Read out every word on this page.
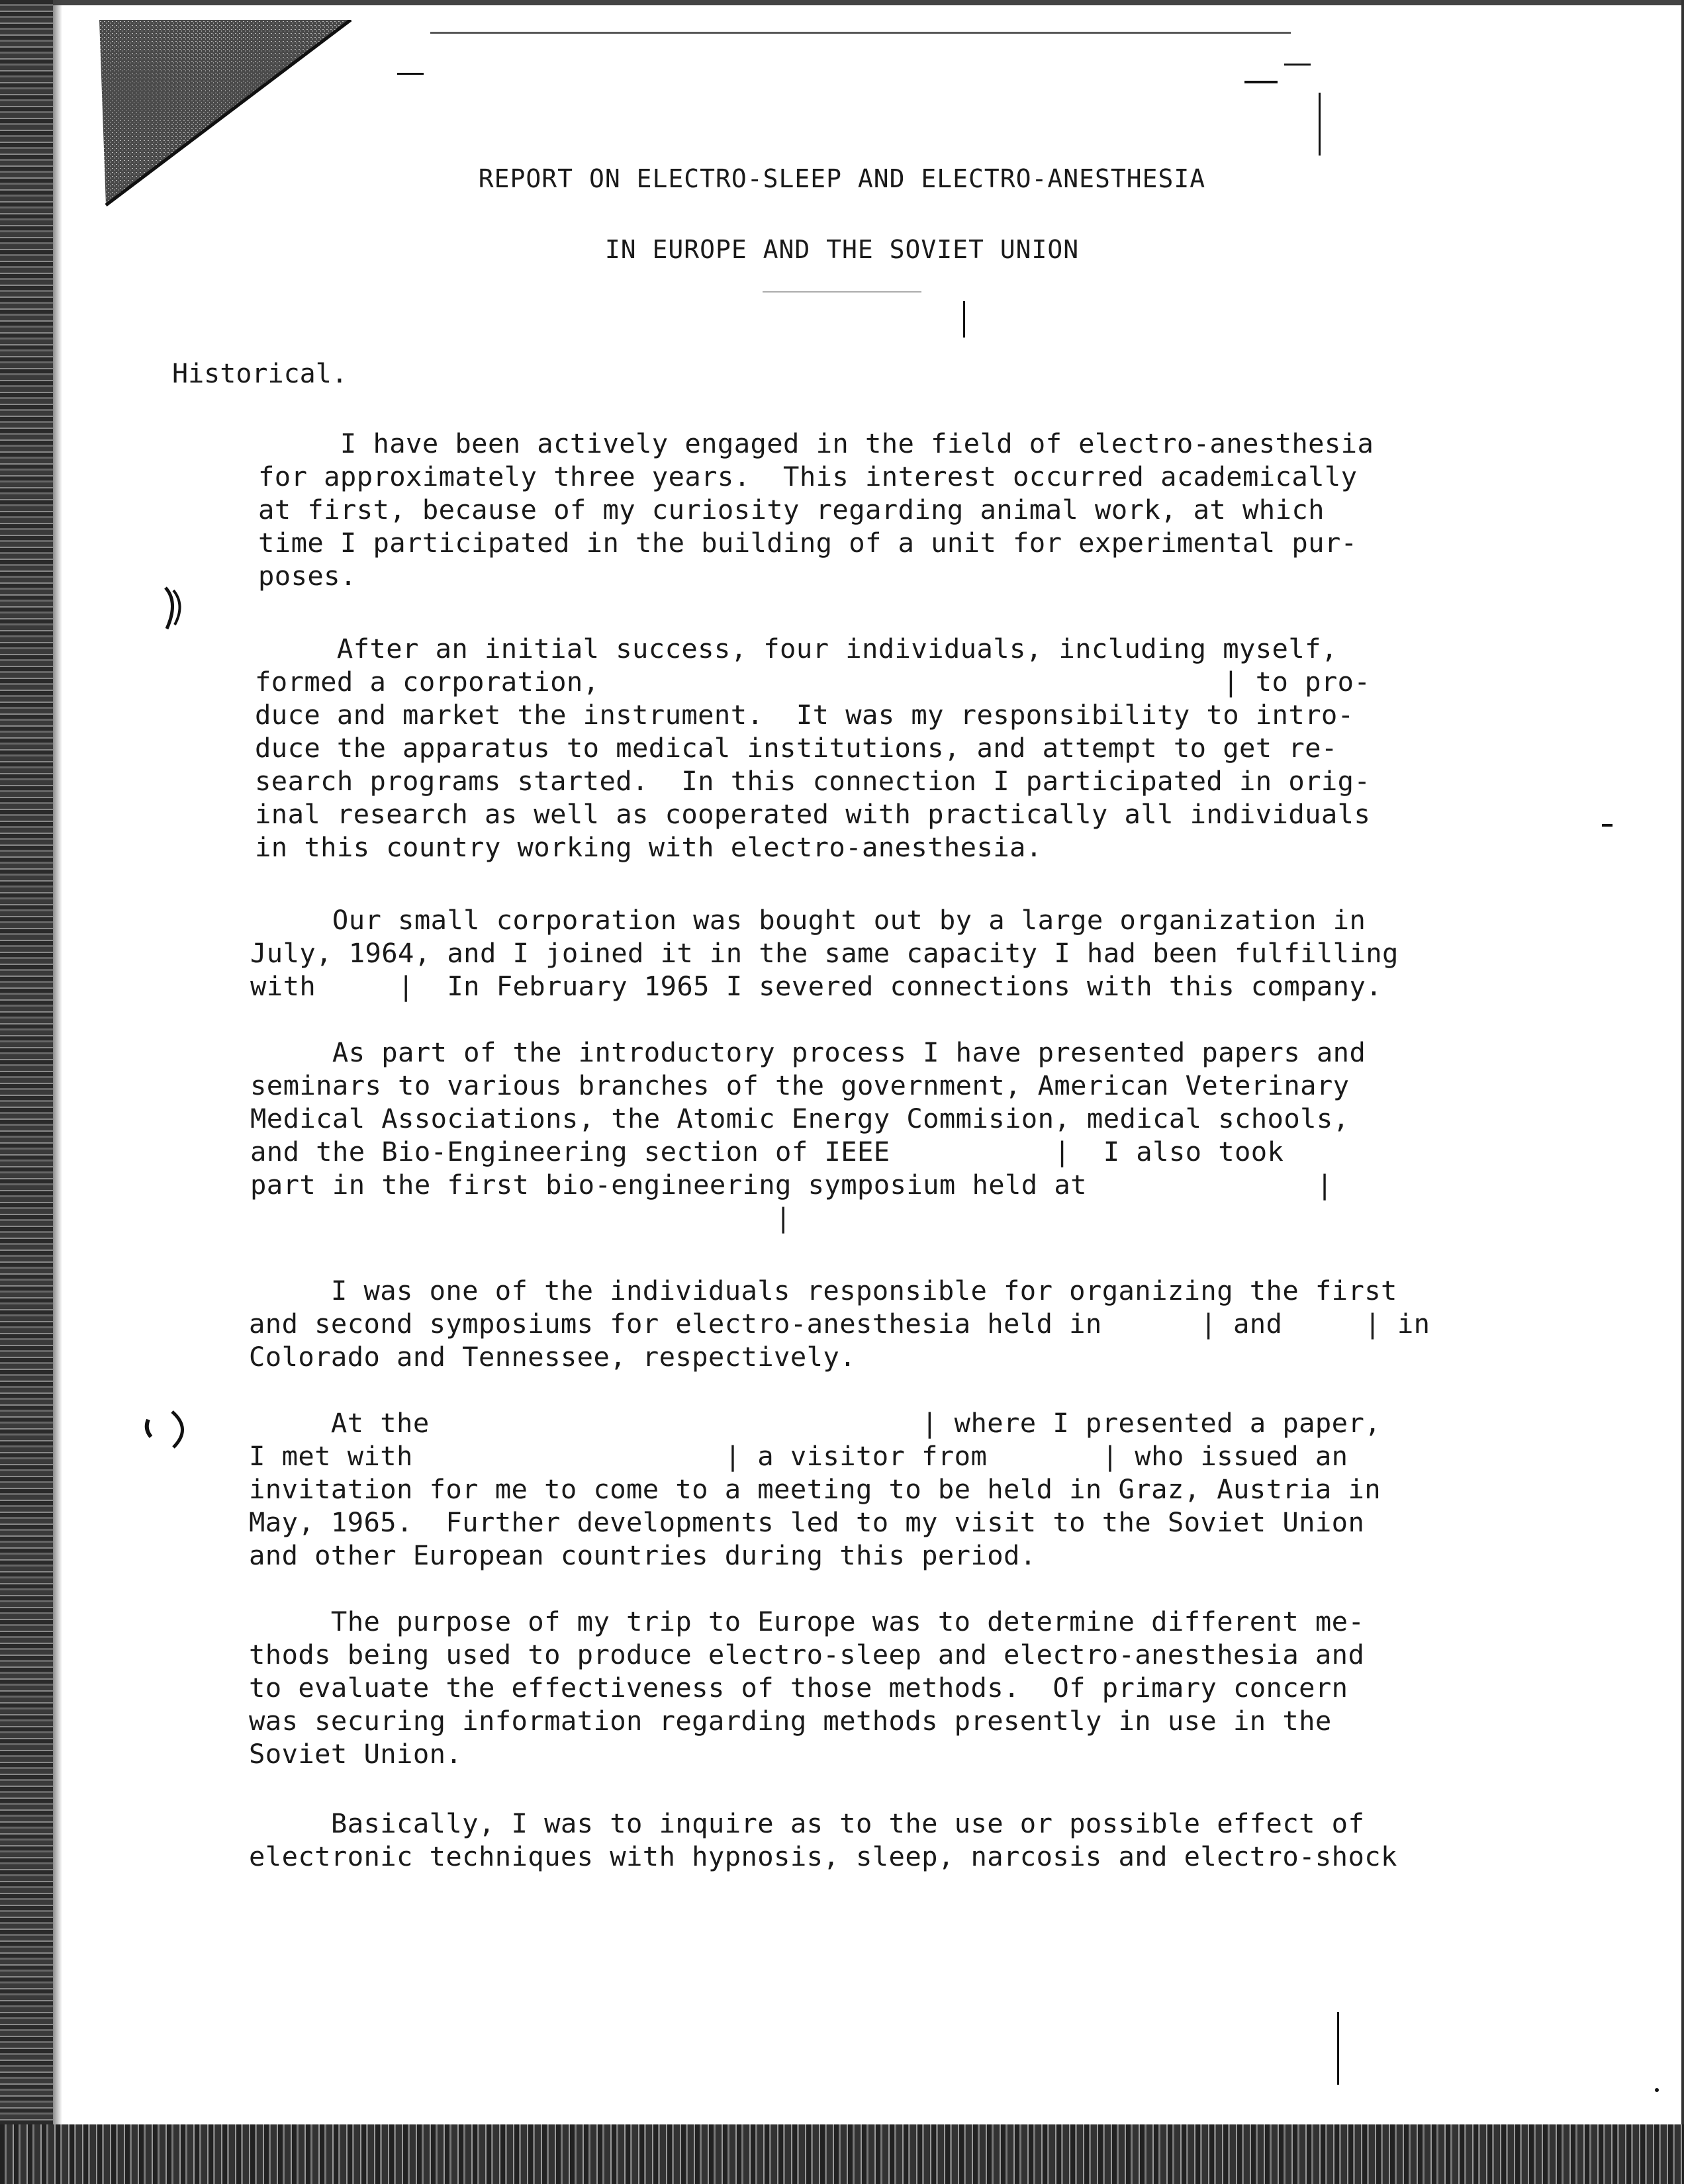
REPORT ON ELECTRO-SLEEP AND ELECTRO-ANESTHESIA
IN EUROPE AND THE SOVIET UNION
Historical.
I have been actively engaged in the field of electro-anesthesia
for approximately three years.  This interest occurred academically
at first, because of my curiosity regarding animal work, at which
time I participated in the building of a unit for experimental pur-
poses.
After an initial success, four individuals, including myself,
formed a corporation,                                      | to pro-
duce and market the instrument.  It was my responsibility to intro-
duce the apparatus to medical institutions, and attempt to get re-
search programs started.  In this connection I participated in orig-
inal research as well as cooperated with practically all individuals
in this country working with electro-anesthesia.
Our small corporation was bought out by a large organization in
July, 1964, and I joined it in the same capacity I had been fulfilling
with     |  In February 1965 I severed connections with this company.
As part of the introductory process I have presented papers and
seminars to various branches of the government, American Veterinary
Medical Associations, the Atomic Energy Commision, medical schools,
and the Bio-Engineering section of IEEE          |  I also took
part in the first bio-engineering symposium held at              |
|
I was one of the individuals responsible for organizing the first
and second symposiums for electro-anesthesia held in      | and     | in
Colorado and Tennessee, respectively.
At the                              | where I presented a paper,
I met with                   | a visitor from       | who issued an
invitation for me to come to a meeting to be held in Graz, Austria in
May, 1965.  Further developments led to my visit to the Soviet Union
and other European countries during this period.
The purpose of my trip to Europe was to determine different me-
thods being used to produce electro-sleep and electro-anesthesia and
to evaluate the effectiveness of those methods.  Of primary concern
was securing information regarding methods presently in use in the
Soviet Union.
Basically, I was to inquire as to the use or possible effect of
electronic techniques with hypnosis, sleep, narcosis and electro-shock
